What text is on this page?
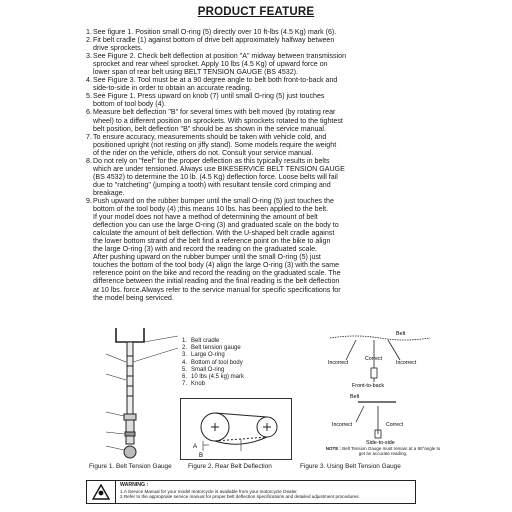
PRODUCT FEATURE
1. See figure 1. Position small O-ring (5) directly over 10 ft-lbs (4.5 Kg) mark (6).
2. Fit belt cradle (1) against bottom of drive belt approximately halfway between
drive sprockets.
3. See Figure 2. Check belt deflection at position "A" midway between transmission
sprocket and rear wheel sprocket. Apply 10 lbs (4.5 Kg) of upward force on
lower span of rear belt using BELT TENSION GAUGE (BS 4532).
4. See Figure 3. Tool must be at a 90 degree angle to belt both front-to-back and
side-to-side in order to obtain an accurate reading.
5. See Figure 1. Press upward on knob (7) until small O-ring (5) just touches
bottom of tool body (4).
6. Measure belt deflection "B" for several times with belt moved (by rotating rear
wheel) to a different position on sprockets. With sprockets rotated to the tightest
belt position, belt deflection "B" should be as shown in the service manual.
7. To ensure accuracy, measurements should be taken with vehicle cold, and
positioned upright (not resting on jiffy stand). Some models require the weight
of the rider on the vehicle, others do not. Consult your service manual.
8. Do not rely on "feel" for the proper deflection as this typically results in belts
which are under tensioned. Always use BIKESERVICE BELT TENSION GAUGE
(BS 4532) to determine the 10 lb. (4.5 Kg) deflection force. Loose belts will fail
due to "ratcheting" (jumping a tooth) with resultant tensile cord crimping and
breakage.
9. Push upward on the rubber bumper until the small O-ring (5) just touches the
bottom of the tool body (4) ;this means 10 lbs. has been applied to the belt.
If your model does not have a method of determining the amount of belt
deflection you can use the large O-ring (3) and graduated scale on the body to
calculate the amount of belt deflection. With the U-shaped belt cradle against
the lower bottom strand of the belt find a reference point on the bike to align
the large O-ring (3) with and record the reading on the graduated scale.
After pushing upward on the rubber bumper until the small O-ring (5) just
touches the bottom of the tool body (4) align the large O-ring (3) with the same
reference point on the bike and record the reading on the graduated scale. The
difference between the initial reading and the final reading is the belt deflection
at 10 lbs. force.Always refer to the service manual for specific specifications for
the model being serviced.
1. Belt cradle
2. Belt tension gauge
3. Large O-ring
4. Bottom of tool body
5. Small O-ring
6. 10 lbs (4.5 kg) mark
7. Knob
A
B
Belt
Incorrect
Correct
Incorrect
Front-to-back
Belt
Incorrect	Correct
Side-to-side
NOTE : Belt Tension Gauge must remain at a 90°angle to get an accurate reading.
Figure 1. Belt Tension Gauge	Figure 2. Rear Belt Deflection	Figure 3. Using Belt Tension Gauge
WARNING :
1.A Service Manual for your model motorcycle is available from your motorcycle Dealer.
2.Refer to the appropriate service manual for proper belt deflection specifications and detailed adjustment procedures.
